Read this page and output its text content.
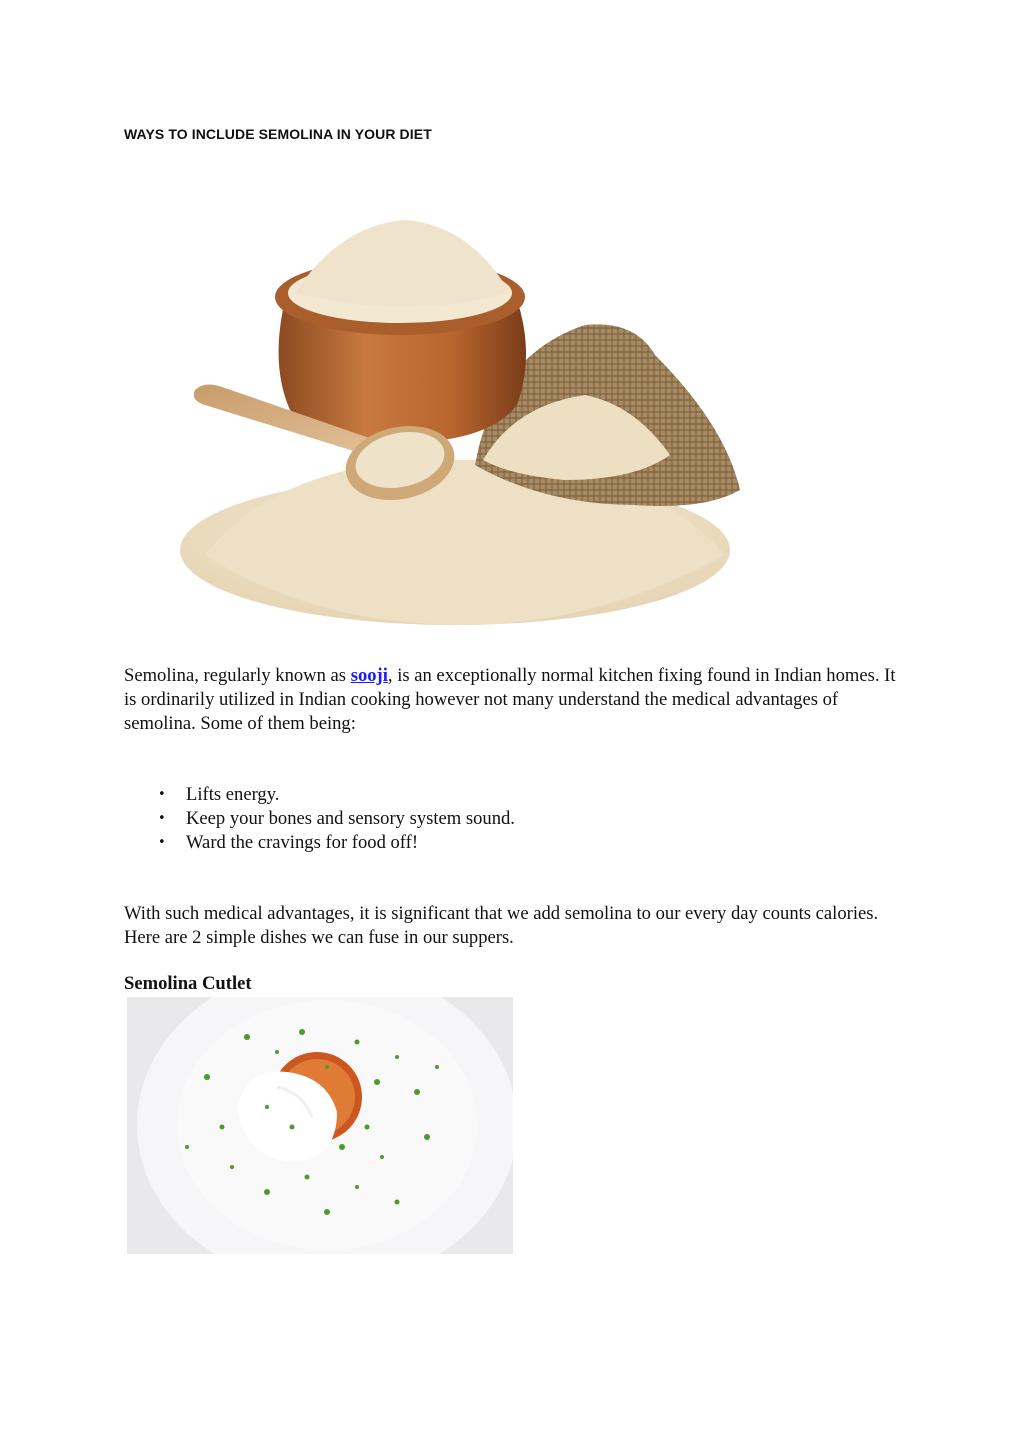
WAYS TO INCLUDE SEMOLINA IN YOUR DIET
Semolina, regularly known as sooji, is an exceptionally normal kitchen fixing found in Indian homes. It is ordinarily utilized in Indian cooking however not many understand the medical advantages of semolina. Some of them being:
• Lifts energy.
• Keep your bones and sensory system sound.
• Ward the cravings for food off!
With such medical advantages, it is significant that we add semolina to our every day counts calories. Here are 2 simple dishes we can fuse in our suppers.
Semolina Cutlet
